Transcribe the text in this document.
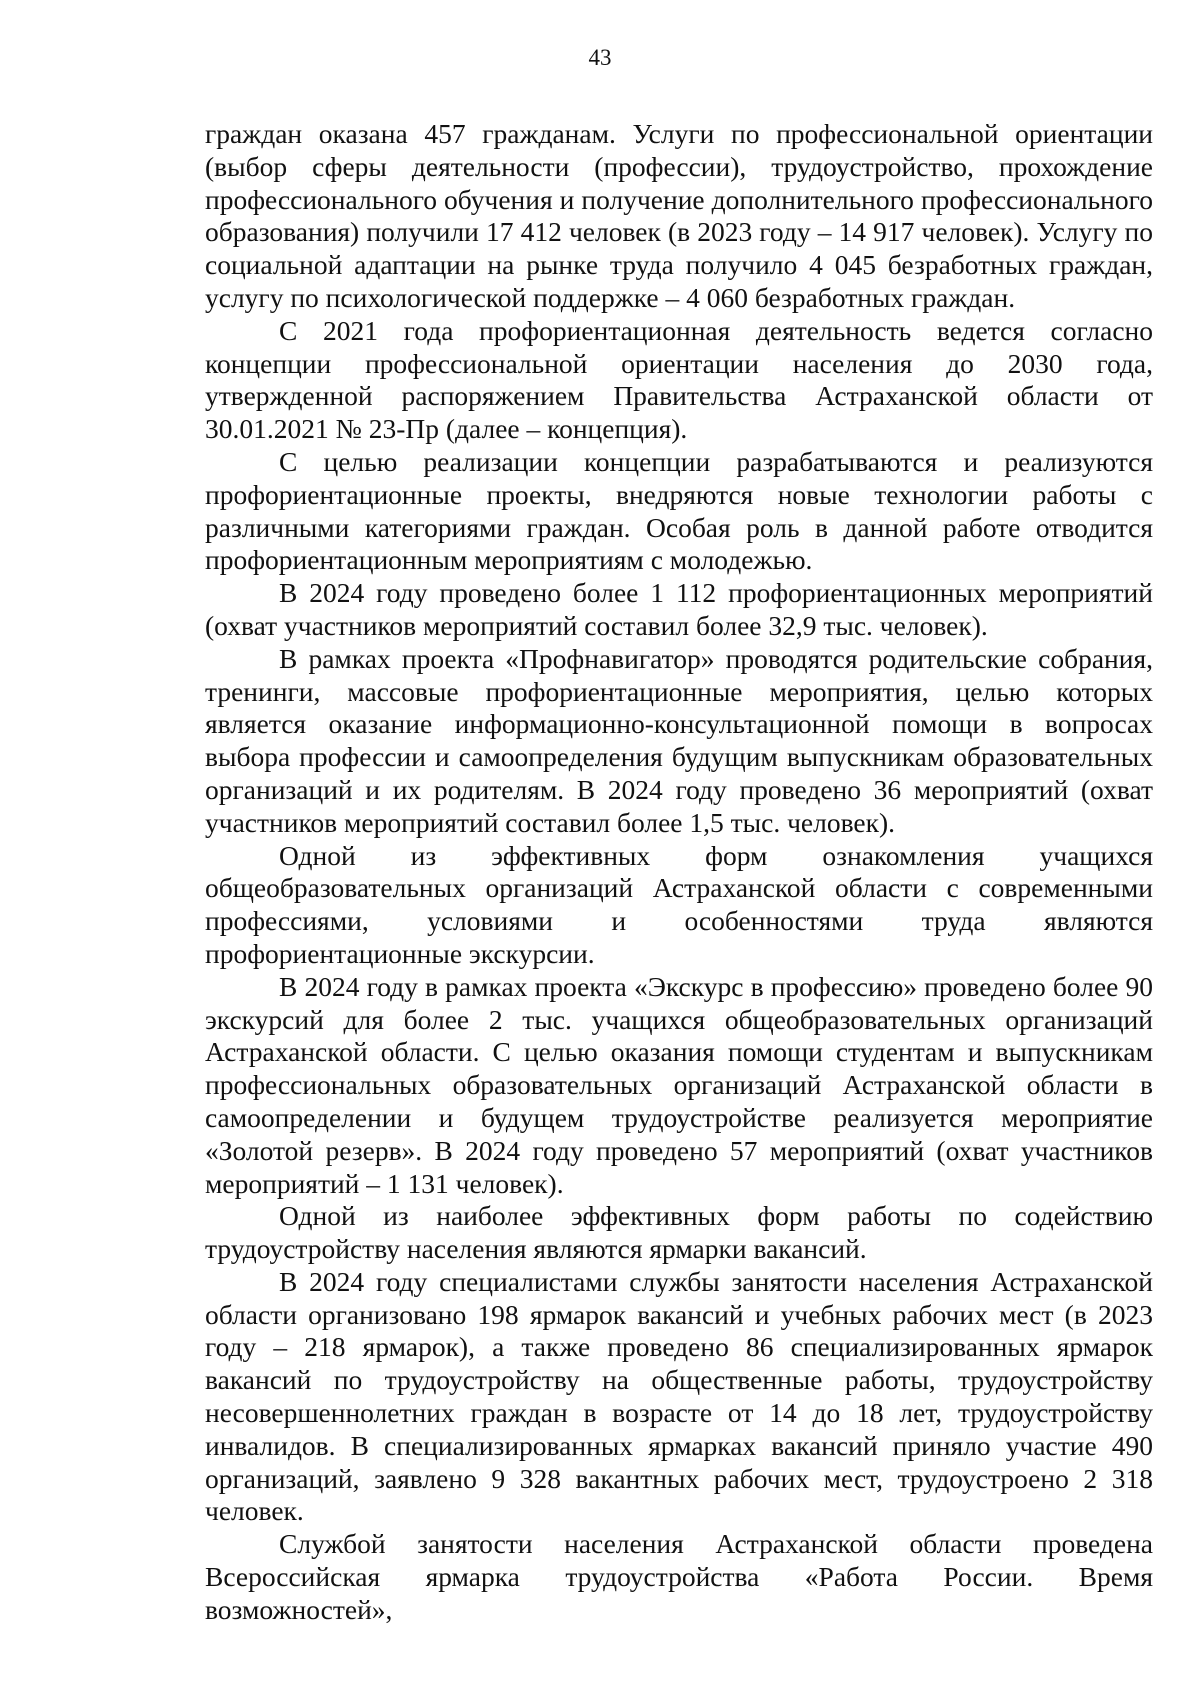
43

граждан оказана 457 гражданам. Услуги по профессиональной ориентации (выбор сферы деятельности (профессии), трудоустройство, прохождение профессионального обучения и получение дополнительного профессионального образования) получили 17 412 человек (в 2023 году – 14 917 человек). Услугу по социальной адаптации на рынке труда получило 4 045 безработных граждан, услугу по психологической поддержке – 4 060 безработных граждан.

С 2021 года профориентационная деятельность ведется согласно концепции профессиональной ориентации населения до 2030 года, утвержденной распоряжением Правительства Астраханской области от 30.01.2021 № 23-Пр (далее – концепция).

С целью реализации концепции разрабатываются и реализуются профориентационные проекты, внедряются новые технологии работы с различными категориями граждан. Особая роль в данной работе отводится профориентационным мероприятиям с молодежью.

В 2024 году проведено более 1 112 профориентационных мероприятий (охват участников мероприятий составил более 32,9 тыс. человек).

В рамках проекта «Профнавигатор» проводятся родительские собрания, тренинги, массовые профориентационные мероприятия, целью которых является оказание информационно-консультационной помощи в вопросах выбора профессии и самоопределения будущим выпускникам образовательных организаций и их родителям. В 2024 году проведено 36 мероприятий (охват участников мероприятий составил более 1,5 тыс. человек).

Одной из эффективных форм ознакомления учащихся общеобразовательных организаций Астраханской области с современными профессиями, условиями и особенностями труда являются профориентационные экскурсии.

В 2024 году в рамках проекта «Экскурс в профессию» проведено более 90 экскурсий для более 2 тыс. учащихся общеобразовательных организаций Астраханской области. С целью оказания помощи студентам и выпускникам профессиональных образовательных организаций Астраханской области в самоопределении и будущем трудоустройстве реализуется мероприятие «Золотой резерв». В 2024 году проведено 57 мероприятий (охват участников мероприятий – 1 131 человек).

Одной из наиболее эффективных форм работы по содействию трудоустройству населения являются ярмарки вакансий.

В 2024 году специалистами службы занятости населения Астраханской области организовано 198 ярмарок вакансий и учебных рабочих мест (в 2023 году – 218 ярмарок), а также проведено 86 специализированных ярмарок вакансий по трудоустройству на общественные работы, трудоустройству несовершеннолетних граждан в возрасте от 14 до 18 лет, трудоустройству инвалидов. В специализированных ярмарках вакансий приняло участие 490 организаций, заявлено 9 328 вакантных рабочих мест, трудоустроено 2 318 человек.

Службой занятости населения Астраханской области проведена Всероссийская ярмарка трудоустройства «Работа России. Время возможностей»,
